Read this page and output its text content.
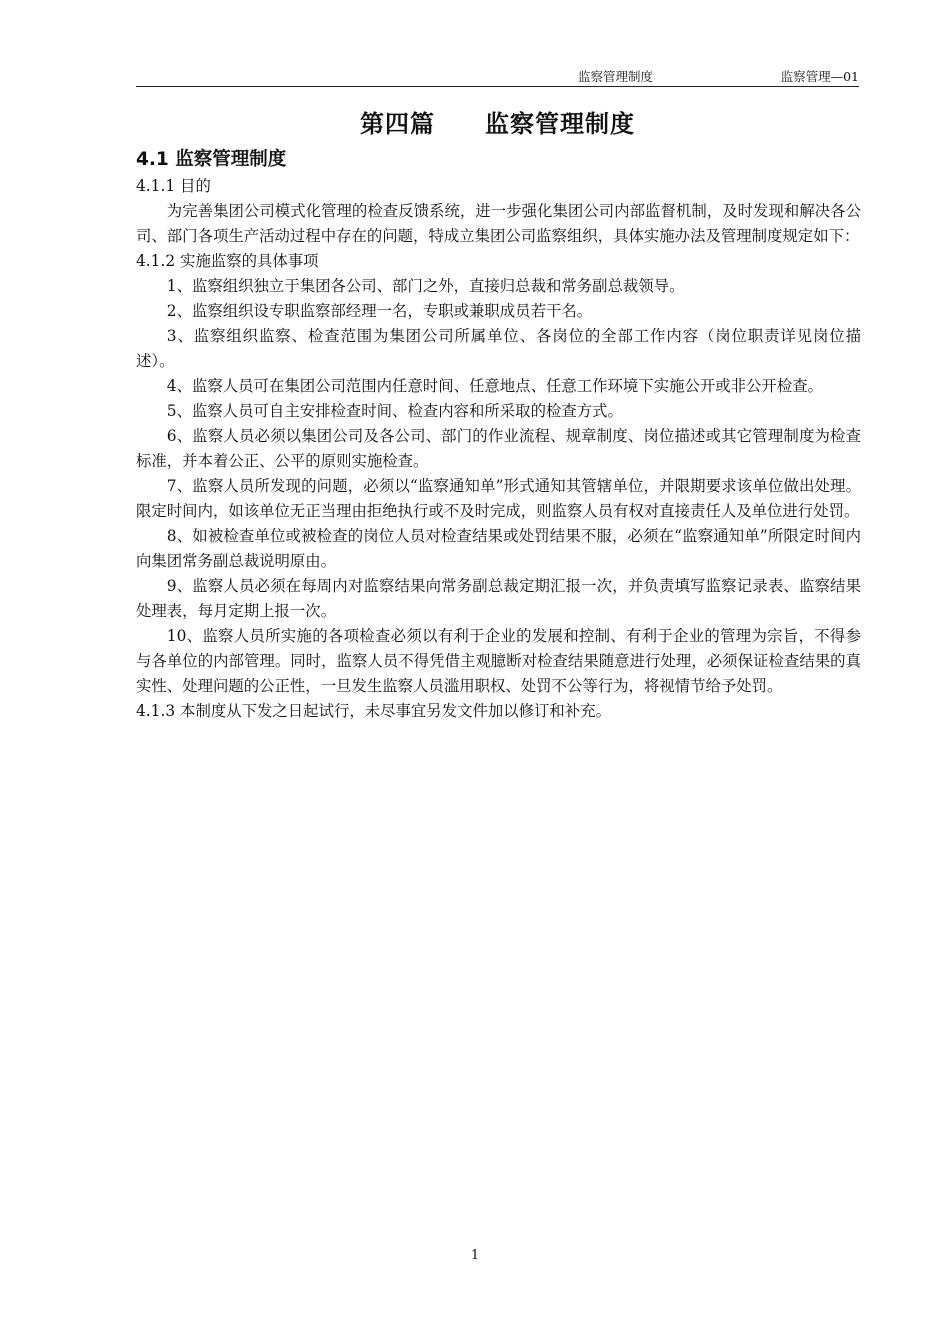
监察管理制度	监察管理—01
第四篇　　监察管理制度

4.1 监察管理制度

4.1.1 目的

为完善集团公司模式化管理的检查反馈系统，进一步强化集团公司内部监督机制，及时发现和解决各公司、部门各项生产活动过程中存在的问题，特成立集团公司监察组织，具体实施办法及管理制度规定如下：

4.1.2 实施监察的具体事项

1、监察组织独立于集团各公司、部门之外，直接归总裁和常务副总裁领导。

2、监察组织设专职监察部经理一名，专职或兼职成员若干名。

3、监察组织监察、检查范围为集团公司所属单位、各岗位的全部工作内容（岗位职责详见岗位描述）。

4、监察人员可在集团公司范围内任意时间、任意地点、任意工作环境下实施公开或非公开检查。

5、监察人员可自主安排检查时间、检查内容和所采取的检查方式。

6、监察人员必须以集团公司及各公司、部门的作业流程、规章制度、岗位描述或其它管理制度为检查标准，并本着公正、公平的原则实施检查。

7、监察人员所发现的问题，必须以“监察通知单”形式通知其管辖单位，并限期要求该单位做出处理。限定时间内，如该单位无正当理由拒绝执行或不及时完成，则监察人员有权对直接责任人及单位进行处罚。

8、如被检查单位或被检查的岗位人员对检查结果或处罚结果不服，必须在“监察通知单”所限定时间内向集团常务副总裁说明原由。

9、监察人员必须在每周内对监察结果向常务副总裁定期汇报一次，并负责填写监察记录表、监察结果处理表，每月定期上报一次。

10、监察人员所实施的各项检查必须以有利于企业的发展和控制、有利于企业的管理为宗旨，不得参与各单位的内部管理。同时，监察人员不得凭借主观臆断对检查结果随意进行处理，必须保证检查结果的真实性、处理问题的公正性，一旦发生监察人员滥用职权、处罚不公等行为，将视情节给予处罚。

4.1.3 本制度从下发之日起试行，未尽事宜另发文件加以修订和补充。

1
